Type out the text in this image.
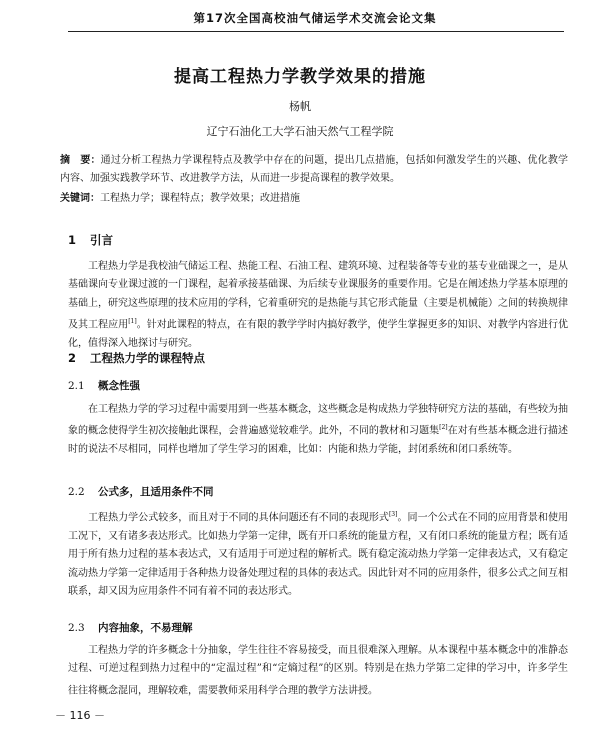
第17次全国高校油气储运学术交流会论文集
提高工程热力学教学效果的措施
杨帆
辽宁石油化工大学石油天然气工程学院
摘　要：通过分析工程热力学课程特点及教学中存在的问题，提出几点措施，包括如何激发学生的兴趣、优化教学内容、加强实践教学环节、改进教学方法，从而进一步提高课程的教学效果。
关键词：工程热力学；课程特点；教学效果；改进措施
1 引言
工程热力学是我校油气储运工程、热能工程、石油工程、建筑环境、过程装备等专业的基专业础课之一，是从基础课向专业课过渡的一门课程，起着承接基础课、为后续专业课服务的重要作用。它是在阐述热力学基本原理的基础上，研究这些原理的技术应用的学科，它着重研究的是热能与其它形式能量（主要是机械能）之间的转换规律及其工程应用[1]。针对此课程的特点，在有限的教学学时内搞好教学，使学生掌握更多的知识、对教学内容进行优化，值得深入地探讨与研究。
2 工程热力学的课程特点
2.1 概念性强
在工程热力学的学习过程中需要用到一些基本概念，这些概念是构成热力学独特研究方法的基础，有些较为抽象的概念使得学生初次接触此课程，会普遍感觉较难学。此外，不同的教材和习题集[2]在对有些基本概念进行描述时的说法不尽相同，同样也增加了学生学习的困难，比如：内能和热力学能，封闭系统和闭口系统等。
2.2 公式多，且适用条件不同
工程热力学公式较多，而且对于不同的具体问题还有不同的表现形式[3]。同一个公式在不同的应用背景和使用工况下，又有诸多表达形式。比如热力学第一定律，既有开口系统的能量方程，又有闭口系统的能量方程；既有适用于所有热力过程的基本表达式，又有适用于可逆过程的解析式。既有稳定流动热力学第一定律表达式，又有稳定流动热力学第一定律适用于各种热力设备处理过程的具体的表达式。因此针对不同的应用条件，很多公式之间互相联系，却又因为应用条件不同有着不同的表达形式。
2.3 内容抽象，不易理解
工程热力学的许多概念十分抽象，学生往往不容易接受，而且很难深入理解。从本课程中基本概念中的准静态过程、可逆过程到热力过程中的“定温过程”和“定熵过程”的区别。特别是在热力学第二定律的学习中，许多学生往往将概念混同，理解较难，需要教师采用科学合理的教学方法讲授。
－ 116 －
